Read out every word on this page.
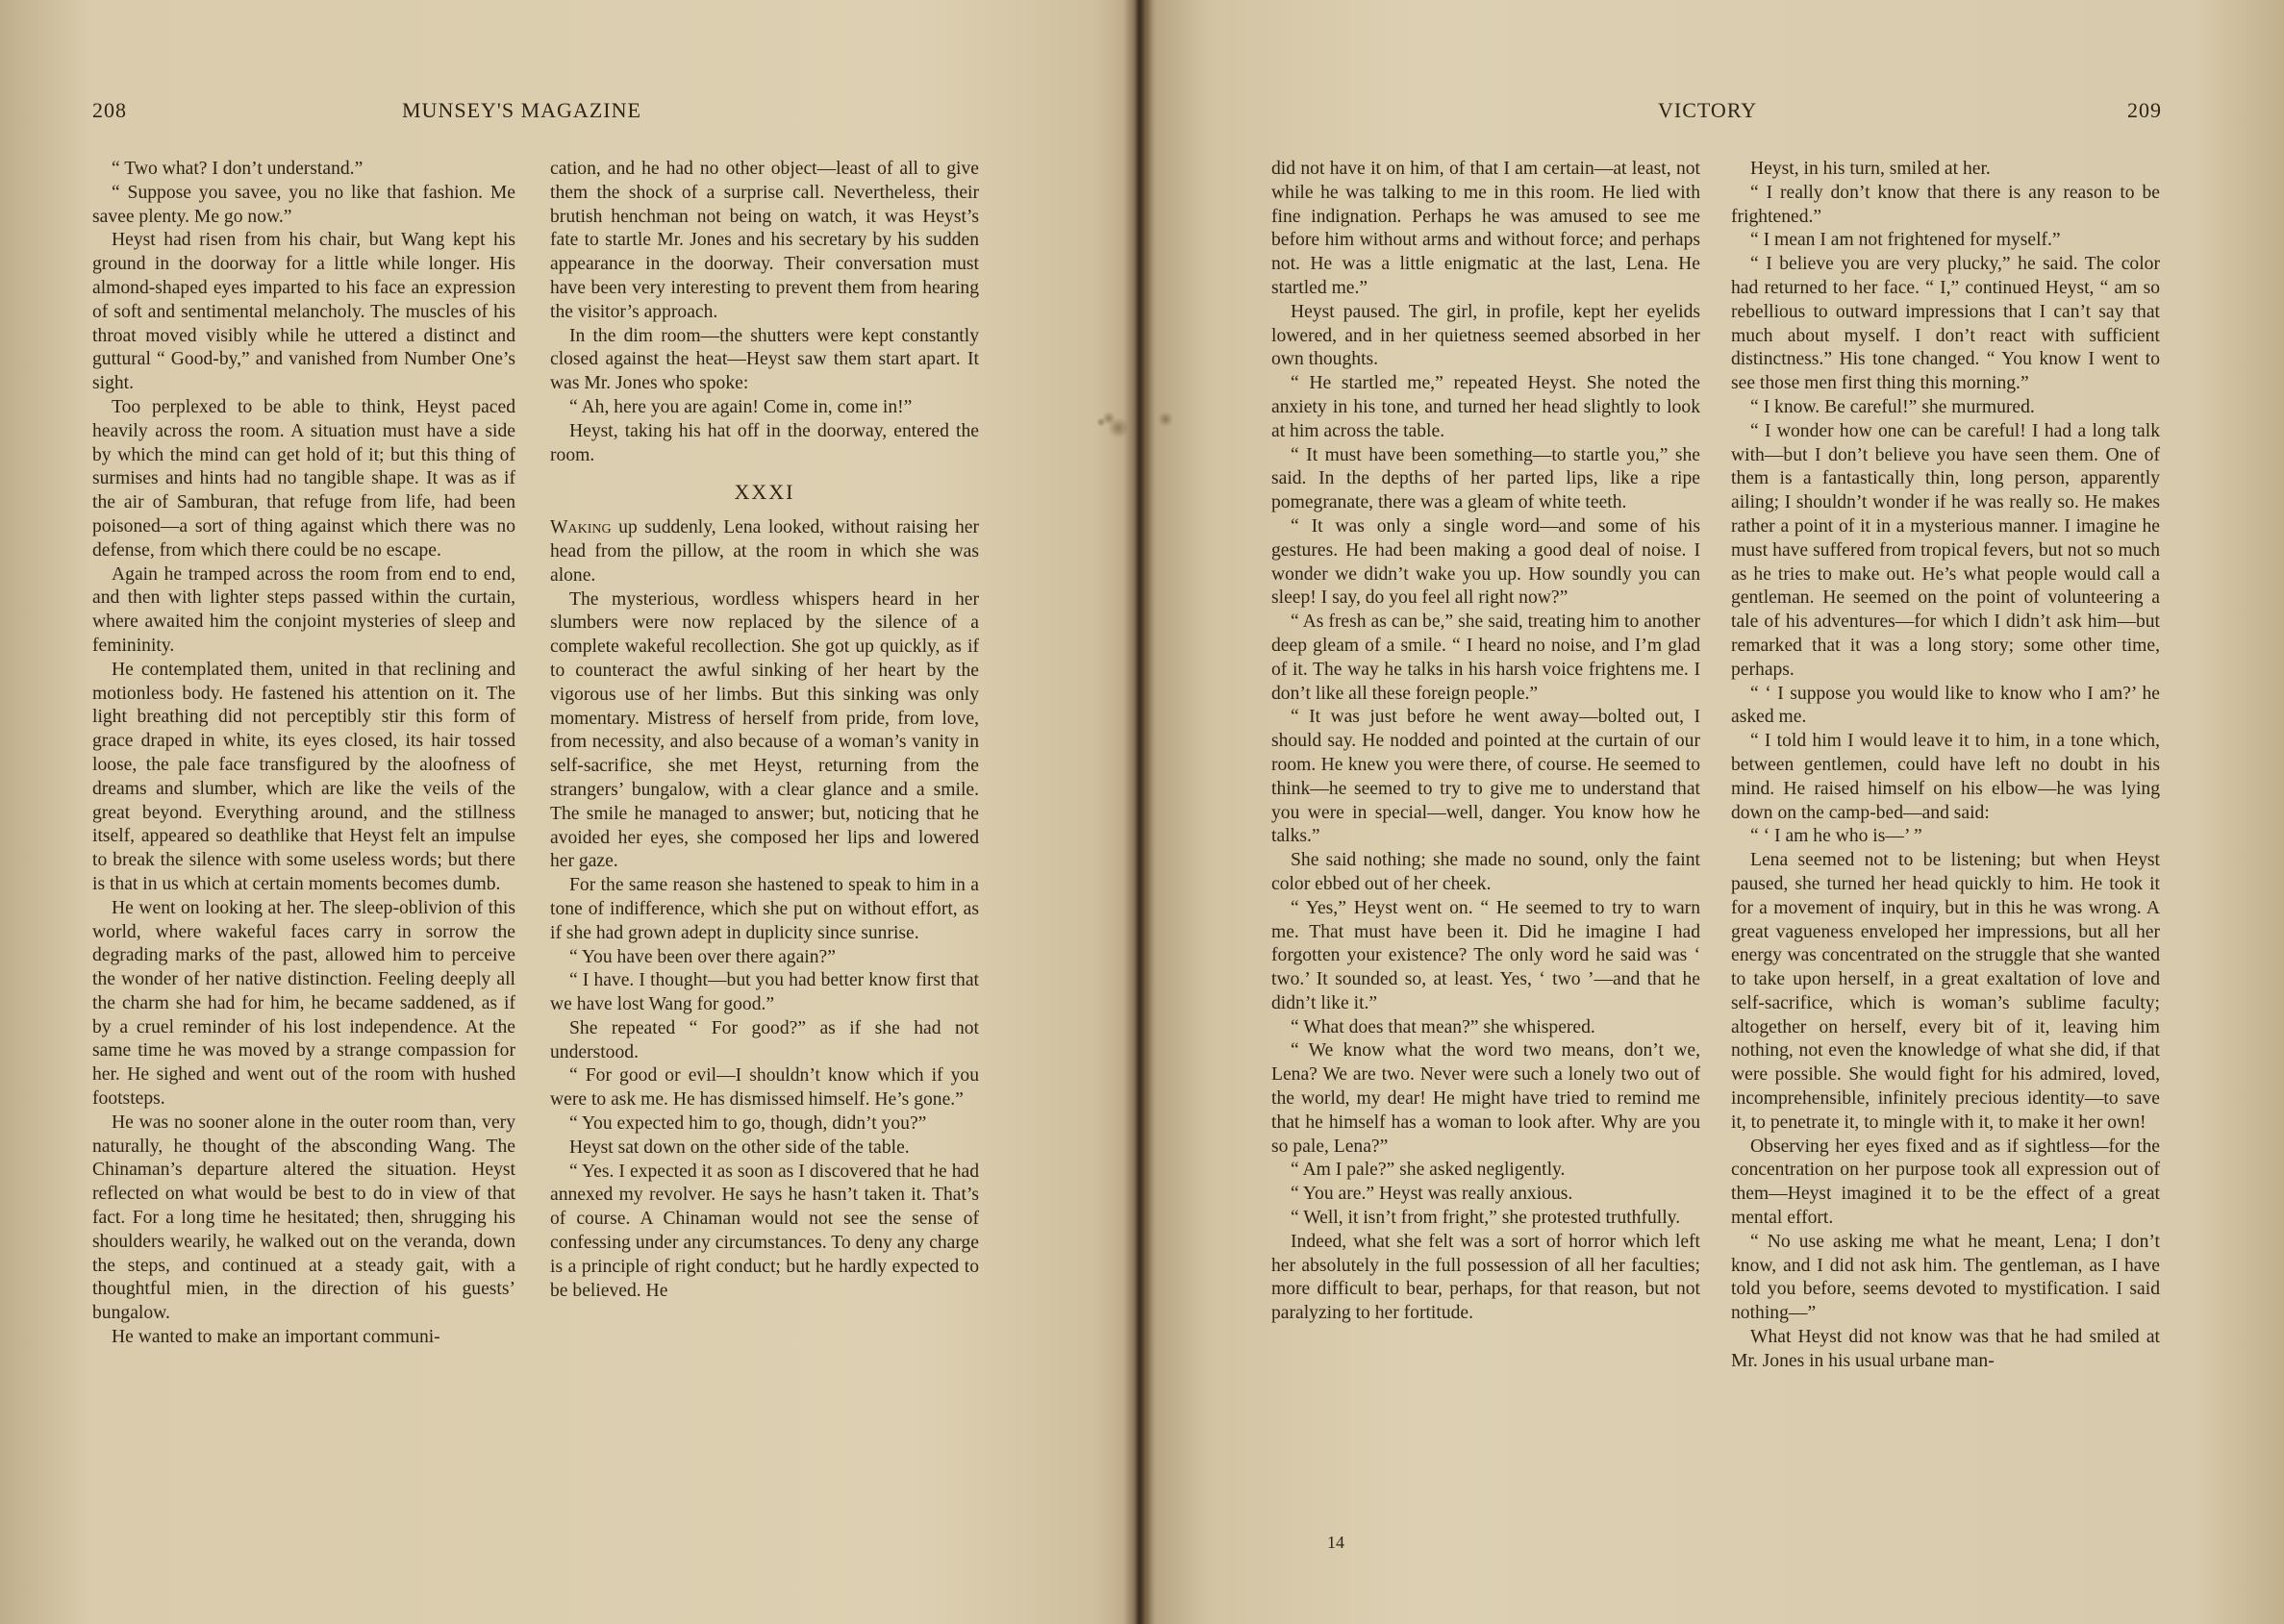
208	MUNSEY'S MAGAZINE

“ Two what? I don’t understand.”

“ Suppose you savee, you no like that fashion. Me savee plenty. Me go now.”

Heyst had risen from his chair, but Wang kept his ground in the doorway for a little while longer. His almond-shaped eyes imparted to his face an expression of soft and sentimental melancholy. The muscles of his throat moved visibly while he uttered a distinct and guttural “ Good-by,” and vanished from Number One’s sight.

Too perplexed to be able to think, Heyst paced heavily across the room. A situation must have a side by which the mind can get hold of it; but this thing of surmises and hints had no tangible shape. It was as if the air of Samburan, that refuge from life, had been poisoned—a sort of thing against which there was no defense, from which there could be no escape.

Again he tramped across the room from end to end, and then with lighter steps passed within the curtain, where awaited him the conjoint mysteries of sleep and femininity.

He contemplated them, united in that reclining and motionless body. He fastened his attention on it. The light breathing did not perceptibly stir this form of grace draped in white, its eyes closed, its hair tossed loose, the pale face transfigured by the aloofness of dreams and slumber, which are like the veils of the great beyond. Everything around, and the stillness itself, appeared so deathlike that Heyst felt an impulse to break the silence with some useless words; but there is that in us which at certain moments becomes dumb.

He went on looking at her. The sleep-oblivion of this world, where wakeful faces carry in sorrow the degrading marks of the past, allowed him to perceive the wonder of her native distinction. Feeling deeply all the charm she had for him, he became saddened, as if by a cruel reminder of his lost independence. At the same time he was moved by a strange compassion for her. He sighed and went out of the room with hushed footsteps.

He was no sooner alone in the outer room than, very naturally, he thought of the absconding Wang. The Chinaman’s departure altered the situation. Heyst reflected on what would be best to do in view of that fact. For a long time he hesitated; then, shrugging his shoulders wearily, he walked out on the veranda, down the steps, and continued at a steady gait, with a thoughtful mien, in the direction of his guests’ bungalow.

He wanted to make an important communi-

cation, and he had no other object—least of all to give them the shock of a surprise call. Nevertheless, their brutish henchman not being on watch, it was Heyst’s fate to startle Mr. Jones and his secretary by his sudden appearance in the doorway. Their conversation must have been very interesting to prevent them from hearing the visitor’s approach.

In the dim room—the shutters were kept constantly closed against the heat—Heyst saw them start apart. It was Mr. Jones who spoke:

“ Ah, here you are again! Come in, come in!”

Heyst, taking his hat off in the doorway, entered the room.

XXXI

Waking up suddenly, Lena looked, without raising her head from the pillow, at the room in which she was alone.

The mysterious, wordless whispers heard in her slumbers were now replaced by the silence of a complete wakeful recollection. She got up quickly, as if to counteract the awful sinking of her heart by the vigorous use of her limbs. But this sinking was only momentary. Mistress of herself from pride, from love, from necessity, and also because of a woman’s vanity in self-sacrifice, she met Heyst, returning from the strangers’ bungalow, with a clear glance and a smile. The smile he managed to answer; but, noticing that he avoided her eyes, she composed her lips and lowered her gaze.

For the same reason she hastened to speak to him in a tone of indifference, which she put on without effort, as if she had grown adept in duplicity since sunrise.

“ You have been over there again?”

“ I have. I thought—but you had better know first that we have lost Wang for good.”

She repeated “ For good?” as if she had not understood.

“ For good or evil—I shouldn’t know which if you were to ask me. He has dismissed himself. He’s gone.”

“ You expected him to go, though, didn’t you?”

Heyst sat down on the other side of the table.

“ Yes. I expected it as soon as I discovered that he had annexed my revolver. He says he hasn’t taken it. That’s of course. A Chinaman would not see the sense of confessing under any circumstances. To deny any charge is a principle of right conduct; but he hardly expected to be believed. He

VICTORY	209

did not have it on him, of that I am certain—at least, not while he was talking to me in this room. He lied with fine indignation. Perhaps he was amused to see me before him without arms and without force; and perhaps not. He was a little enigmatic at the last, Lena. He startled me.”

Heyst paused. The girl, in profile, kept her eyelids lowered, and in her quietness seemed absorbed in her own thoughts.

“ He startled me,” repeated Heyst. She noted the anxiety in his tone, and turned her head slightly to look at him across the table.

“ It must have been something—to startle you,” she said. In the depths of her parted lips, like a ripe pomegranate, there was a gleam of white teeth.

“ It was only a single word—and some of his gestures. He had been making a good deal of noise. I wonder we didn’t wake you up. How soundly you can sleep! I say, do you feel all right now?”

“ As fresh as can be,” she said, treating him to another deep gleam of a smile. “ I heard no noise, and I’m glad of it. The way he talks in his harsh voice frightens me. I don’t like all these foreign people.”

“ It was just before he went away—bolted out, I should say. He nodded and pointed at the curtain of our room. He knew you were there, of course. He seemed to think—he seemed to try to give me to understand that you were in special—well, danger. You know how he talks.”

She said nothing; she made no sound, only the faint color ebbed out of her cheek.

“ Yes,” Heyst went on. “ He seemed to try to warn me. That must have been it. Did he imagine I had forgotten your existence? The only word he said was ‘ two.’ It sounded so, at least. Yes, ‘ two ’—and that he didn’t like it.”

“ What does that mean?” she whispered.

“ We know what the word two means, don’t we, Lena? We are two. Never were such a lonely two out of the world, my dear! He might have tried to remind me that he himself has a woman to look after. Why are you so pale, Lena?”

“ Am I pale?” she asked negligently.

“ You are.” Heyst was really anxious.

“ Well, it isn’t from fright,” she protested truthfully.

Indeed, what she felt was a sort of horror which left her absolutely in the full possession of all her faculties; more difficult to bear, perhaps, for that reason, but not paralyzing to her fortitude.

Heyst, in his turn, smiled at her.

“ I really don’t know that there is any reason to be frightened.”

“ I mean I am not frightened for myself.”

“ I believe you are very plucky,” he said. The color had returned to her face. “ I,” continued Heyst, “ am so rebellious to outward impressions that I can’t say that much about myself. I don’t react with sufficient distinctness.” His tone changed. “ You know I went to see those men first thing this morning.”

“ I know. Be careful!” she murmured.

“ I wonder how one can be careful! I had a long talk with—but I don’t believe you have seen them. One of them is a fantastically thin, long person, apparently ailing; I shouldn’t wonder if he was really so. He makes rather a point of it in a mysterious manner. I imagine he must have suffered from tropical fevers, but not so much as he tries to make out. He’s what people would call a gentleman. He seemed on the point of volunteering a tale of his adventures—for which I didn’t ask him—but remarked that it was a long story; some other time, perhaps.

“ ‘ I suppose you would like to know who I am?’ he asked me.

“ I told him I would leave it to him, in a tone which, between gentlemen, could have left no doubt in his mind. He raised himself on his elbow—he was lying down on the camp-bed—and said:

“ ‘ I am he who is—’ ”

Lena seemed not to be listening; but when Heyst paused, she turned her head quickly to him. He took it for a movement of inquiry, but in this he was wrong. A great vagueness enveloped her impressions, but all her energy was concentrated on the struggle that she wanted to take upon herself, in a great exaltation of love and self-sacrifice, which is woman’s sublime faculty; altogether on herself, every bit of it, leaving him nothing, not even the knowledge of what she did, if that were possible. She would fight for his admired, loved, incomprehensible, infinitely precious identity—to save it, to penetrate it, to mingle with it, to make it her own!

Observing her eyes fixed and as if sightless—for the concentration on her purpose took all expression out of them—Heyst imagined it to be the effect of a great mental effort.

“ No use asking me what he meant, Lena; I don’t know, and I did not ask him. The gentleman, as I have told you before, seems devoted to mystification. I said nothing—”

What Heyst did not know was that he had smiled at Mr. Jones in his usual urbane man-

14
